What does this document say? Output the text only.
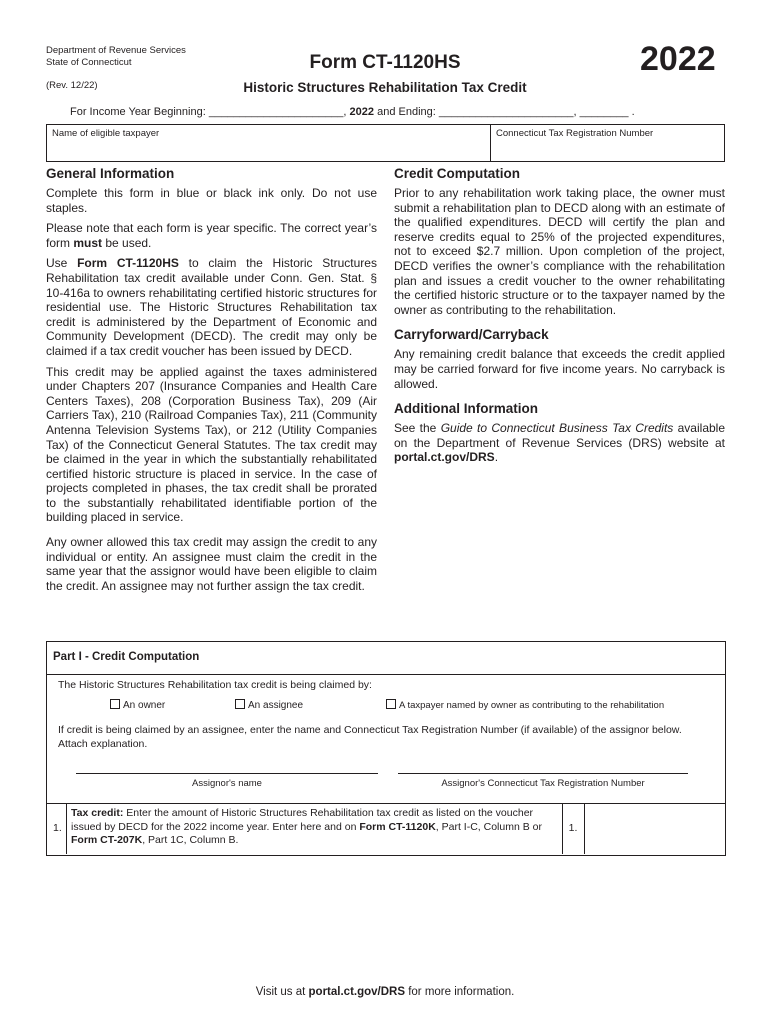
Department of Revenue Services
State of Connecticut
(Rev. 12/22)
Form CT-1120HS
Historic Structures Rehabilitation Tax Credit
2022
For Income Year Beginning: ______________________, 2022 and Ending: ______________________, ________ .
Name of eligible taxpayer	Connecticut Tax Registration Number
General Information

Complete this form in blue or black ink only. Do not use staples.

Please note that each form is year specific. The correct year’s form must be used.

Use Form CT-1120HS to claim the Historic Structures Rehabilitation tax credit available under Conn. Gen. Stat. § 10-416a to owners rehabilitating certified historic structures for residential use. The Historic Structures Rehabilitation tax credit is administered by the Department of Economic and Community Development (DECD). The credit may only be claimed if a tax credit voucher has been issued by DECD.

This credit may be applied against the taxes administered under Chapters 207 (Insurance Companies and Health Care Centers Taxes), 208 (Corporation Business Tax), 209 (Air Carriers Tax), 210 (Railroad Companies Tax), 211 (Community Antenna Television Systems Tax), or 212 (Utility Companies Tax) of the Connecticut General Statutes. The tax credit may be claimed in the year in which the substantially rehabilitated certified historic structure is placed in service. In the case of projects completed in phases, the tax credit shall be prorated to the substantially rehabilitated identifiable portion of the building placed in service.

Any owner allowed this tax credit may assign the credit to any individual or entity. An assignee must claim the credit in the same year that the assignor would have been eligible to claim the credit. An assignee may not further assign the tax credit.

Credit Computation

Prior to any rehabilitation work taking place, the owner must submit a rehabilitation plan to DECD along with an estimate of the qualified expenditures. DECD will certify the plan and reserve credits equal to 25% of the projected expenditures, not to exceed $2.7 million. Upon completion of the project, DECD verifies the owner’s compliance with the rehabilitation plan and issues a credit voucher to the owner rehabilitating the certified historic structure or to the taxpayer named by the owner as contributing to the rehabilitation.

Carryforward/Carryback

Any remaining credit balance that exceeds the credit applied may be carried forward for five income years. No carryback is allowed.

Additional Information

See the Guide to Connecticut Business Tax Credits available on the Department of Revenue Services (DRS) website at portal.ct.gov/DRS.

Part I - Credit Computation
The Historic Structures Rehabilitation tax credit is being claimed by:
An owner	An assignee	A taxpayer named by owner as contributing to the rehabilitation
If credit is being claimed by an assignee, enter the name and Connecticut Tax Registration Number (if available) of the assignor below. Attach explanation.
Assignor's name	Assignor's Connecticut Tax Registration Number
1.
Tax credit: Enter the amount of Historic Structures Rehabilitation tax credit as listed on the voucher issued by DECD for the 2022 income year. Enter here and on Form CT-1120K, Part I-C, Column B or Form CT-207K, Part 1C, Column B.
1.
Visit us at portal.ct.gov/DRS for more information.
